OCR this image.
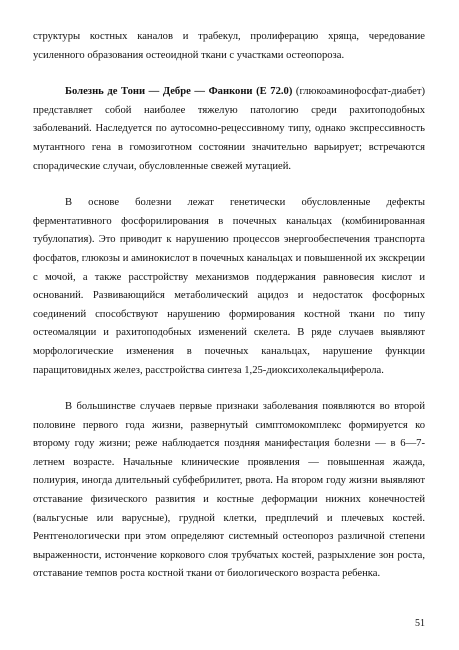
структуры костных каналов и трабекул, пролиферацию хряща, чередование усиленного образования остеоидной ткани с участками остеопороза.

Болезнь де Тони — Дебре — Фанкони (E 72.0) (глюкоаминофосфат-диабет) представляет собой наиболее тяжелую патологию среди рахитоподобных заболеваний. Наследуется по аутосомно-рецессивному типу, однако экспрессивность мутантного гена в гомозиготном состоянии значительно варьирует; встречаются спорадические случаи, обусловленные свежей мутацией.

В основе болезни лежат генетически обусловленные дефекты ферментативного фосфорилирования в почечных канальцах (комбинированная тубулопатия). Это приводит к нарушению процессов энергообеспечения транспорта фосфатов, глюкозы и аминокислот в почечных канальцах и повышенной их экскреции с мочой, а также расстройству механизмов поддержания равновесия кислот и оснований. Развивающийся метаболический ацидоз и недостаток фосфорных соединений способствуют нарушению формирования костной ткани по типу остеомаляции и рахитоподобных изменений скелета. В ряде случаев выявляют морфологические изменения в почечных канальцах, нарушение функции паращитовидных желез, расстройства синтеза 1,25-диоксихолекальциферола.

В большинстве случаев первые признаки заболевания появляются во второй половине первого года жизни, развернутый симптомокомплекс формируется ко второму году жизни; реже наблюдается поздняя манифестация болезни — в 6—7-летнем возрасте. Начальные клинические проявления — повышенная жажда, полиурия, иногда длительный субфебрилитет, рвота. На втором году жизни выявляют отставание физического развития и костные деформации нижних конечностей (вальгусные или варусные), грудной клетки, предплечий и плечевых костей. Рентгенологически при этом определяют системный остеопороз различной степени выраженности, истончение коркового слоя трубчатых костей, разрыхление зон роста, отставание темпов роста костной ткани от биологического возраста ребенка.

51
